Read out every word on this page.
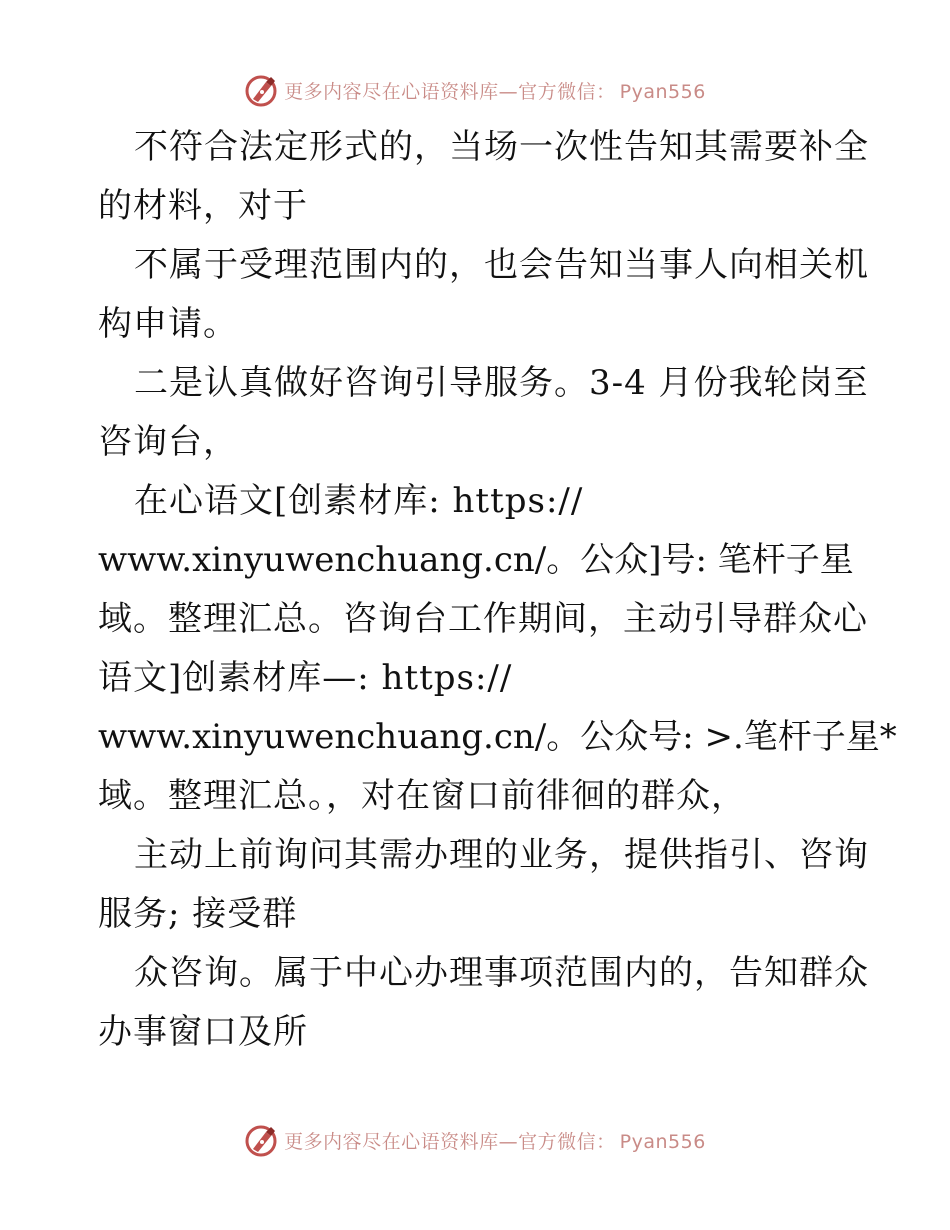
更多内容尽在心语资料库—官方微信： Pyan556
不符合法定形式的，当场一次性告知其需要补全
的材料，对于
不属于受理范围内的，也会告知当事人向相关机
构申请。
二是认真做好咨询引导服务。3-4 月份我轮岗至
咨询台，
在心语文[创素材库: https://
www.xinyuwenchuang.cn/。公众]号: 笔杆子星
域。整理汇总。咨询台工作期间，主动引导群众心
语文]创素材库—: https://
www.xinyuwenchuang.cn/。公众号: >.笔杆子星*
域。整理汇总。，对在窗口前徘徊的群众，
主动上前询问其需办理的业务，提供指引、咨询
服务; 接受群
众咨询。属于中心办理事项范围内的，告知群众
办事窗口及所
更多内容尽在心语资料库—官方微信： Pyan556
